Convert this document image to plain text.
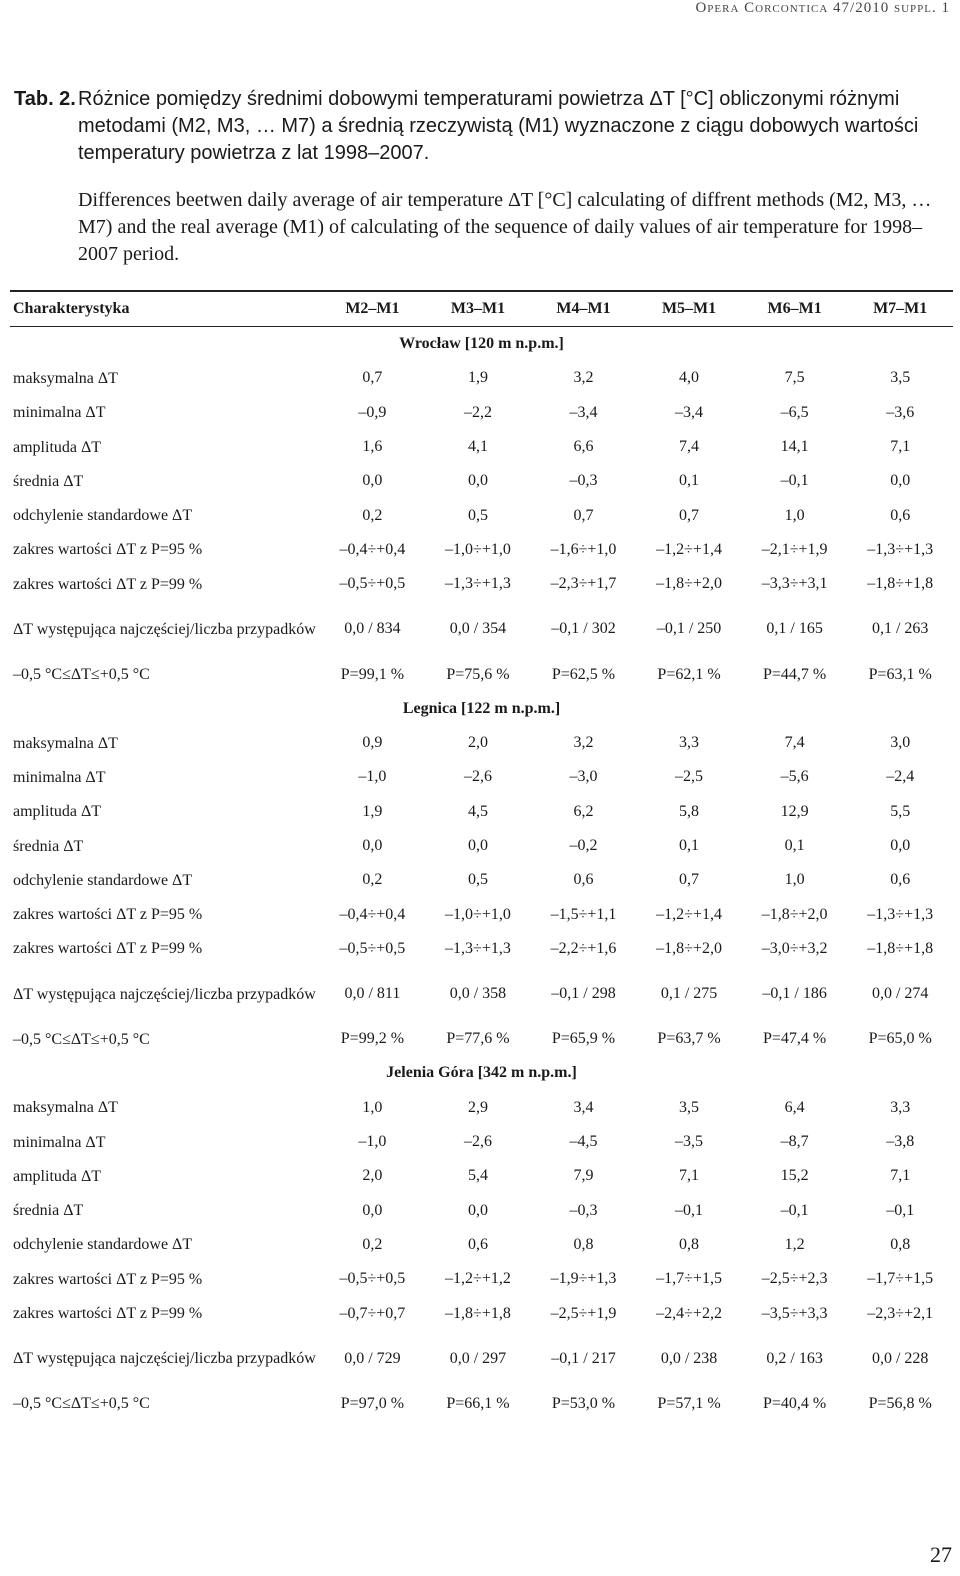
Opera Corcontica 47/2010 suppl. 1
Tab. 2. Różnice pomiędzy średnimi dobowymi temperaturami powietrza ΔT [°C] obliczonymi różnymi metodami (M2, M3, … M7) a średnią rzeczywistą (M1) wyznaczone z ciągu dobowych wartości temperatury powietrza z lat 1998–2007.
Differences beetwen daily average of air temperature ΔT [°C] calculating of diffrent methods (M2, M3, … M7) and the real average (M1) of calculating of the sequence of daily values of air temperature for 1998–2007 period.
Charakterystyka	M2–M1	M3–M1	M4–M1	M5–M1	M6–M1	M7–M1
Wrocław [120 m n.p.m.]						
maksymalna ΔT	0,7	1,9	3,2	4,0	7,5	3,5
minimalna ΔT	–0,9	–2,2	–3,4	–3,4	–6,5	–3,6
amplituda ΔT	1,6	4,1	6,6	7,4	14,1	7,1
średnia ΔT	0,0	0,0	–0,3	0,1	–0,1	0,0
odchylenie standardowe ΔT	0,2	0,5	0,7	0,7	1,0	0,6
zakres wartości ΔT z P=95 %	–0,4÷+0,4	–1,0÷+1,0	–1,6÷+1,0	–1,2÷+1,4	–2,1÷+1,9	–1,3÷+1,3
zakres wartości ΔT z P=99 %	–0,5÷+0,5	–1,3÷+1,3	–2,3÷+1,7	–1,8÷+2,0	–3,3÷+3,1	–1,8÷+1,8
ΔT występująca najczęściej/liczba przypadków	0,0 / 834	0,0 / 354	–0,1 / 302	–0,1 / 250	0,1 / 165	0,1 / 263
–0,5 °C≤ΔT≤+0,5 °C	P=99,1 %	P=75,6 %	P=62,5 %	P=62,1 %	P=44,7 %	P=63,1 %
Legnica [122 m n.p.m.]						
maksymalna ΔT	0,9	2,0	3,2	3,3	7,4	3,0
minimalna ΔT	–1,0	–2,6	–3,0	–2,5	–5,6	–2,4
amplituda ΔT	1,9	4,5	6,2	5,8	12,9	5,5
średnia ΔT	0,0	0,0	–0,2	0,1	0,1	0,0
odchylenie standardowe ΔT	0,2	0,5	0,6	0,7	1,0	0,6
zakres wartości ΔT z P=95 %	–0,4÷+0,4	–1,0÷+1,0	–1,5÷+1,1	–1,2÷+1,4	–1,8÷+2,0	–1,3÷+1,3
zakres wartości ΔT z P=99 %	–0,5÷+0,5	–1,3÷+1,3	–2,2÷+1,6	–1,8÷+2,0	–3,0÷+3,2	–1,8÷+1,8
ΔT występująca najczęściej/liczba przypadków	0,0 / 811	0,0 / 358	–0,1 / 298	0,1 / 275	–0,1 / 186	0,0 / 274
–0,5 °C≤ΔT≤+0,5 °C	P=99,2 %	P=77,6 %	P=65,9 %	P=63,7 %	P=47,4 %	P=65,0 %
Jelenia Góra [342 m n.p.m.]						
maksymalna ΔT	1,0	2,9	3,4	3,5	6,4	3,3
minimalna ΔT	–1,0	–2,6	–4,5	–3,5	–8,7	–3,8
amplituda ΔT	2,0	5,4	7,9	7,1	15,2	7,1
średnia ΔT	0,0	0,0	–0,3	–0,1	–0,1	–0,1
odchylenie standardowe ΔT	0,2	0,6	0,8	0,8	1,2	0,8
zakres wartości ΔT z P=95 %	–0,5÷+0,5	–1,2÷+1,2	–1,9÷+1,3	–1,7÷+1,5	–2,5÷+2,3	–1,7÷+1,5
zakres wartości ΔT z P=99 %	–0,7÷+0,7	–1,8÷+1,8	–2,5÷+1,9	–2,4÷+2,2	–3,5÷+3,3	–2,3÷+2,1
ΔT występująca najczęściej/liczba przypadków	0,0 / 729	0,0 / 297	–0,1 / 217	0,0 / 238	0,2 / 163	0,0 / 228
–0,5 °C≤ΔT≤+0,5 °C	P=97,0 %	P=66,1 %	P=53,0 %	P=57,1 %	P=40,4 %	P=56,8 %
27
